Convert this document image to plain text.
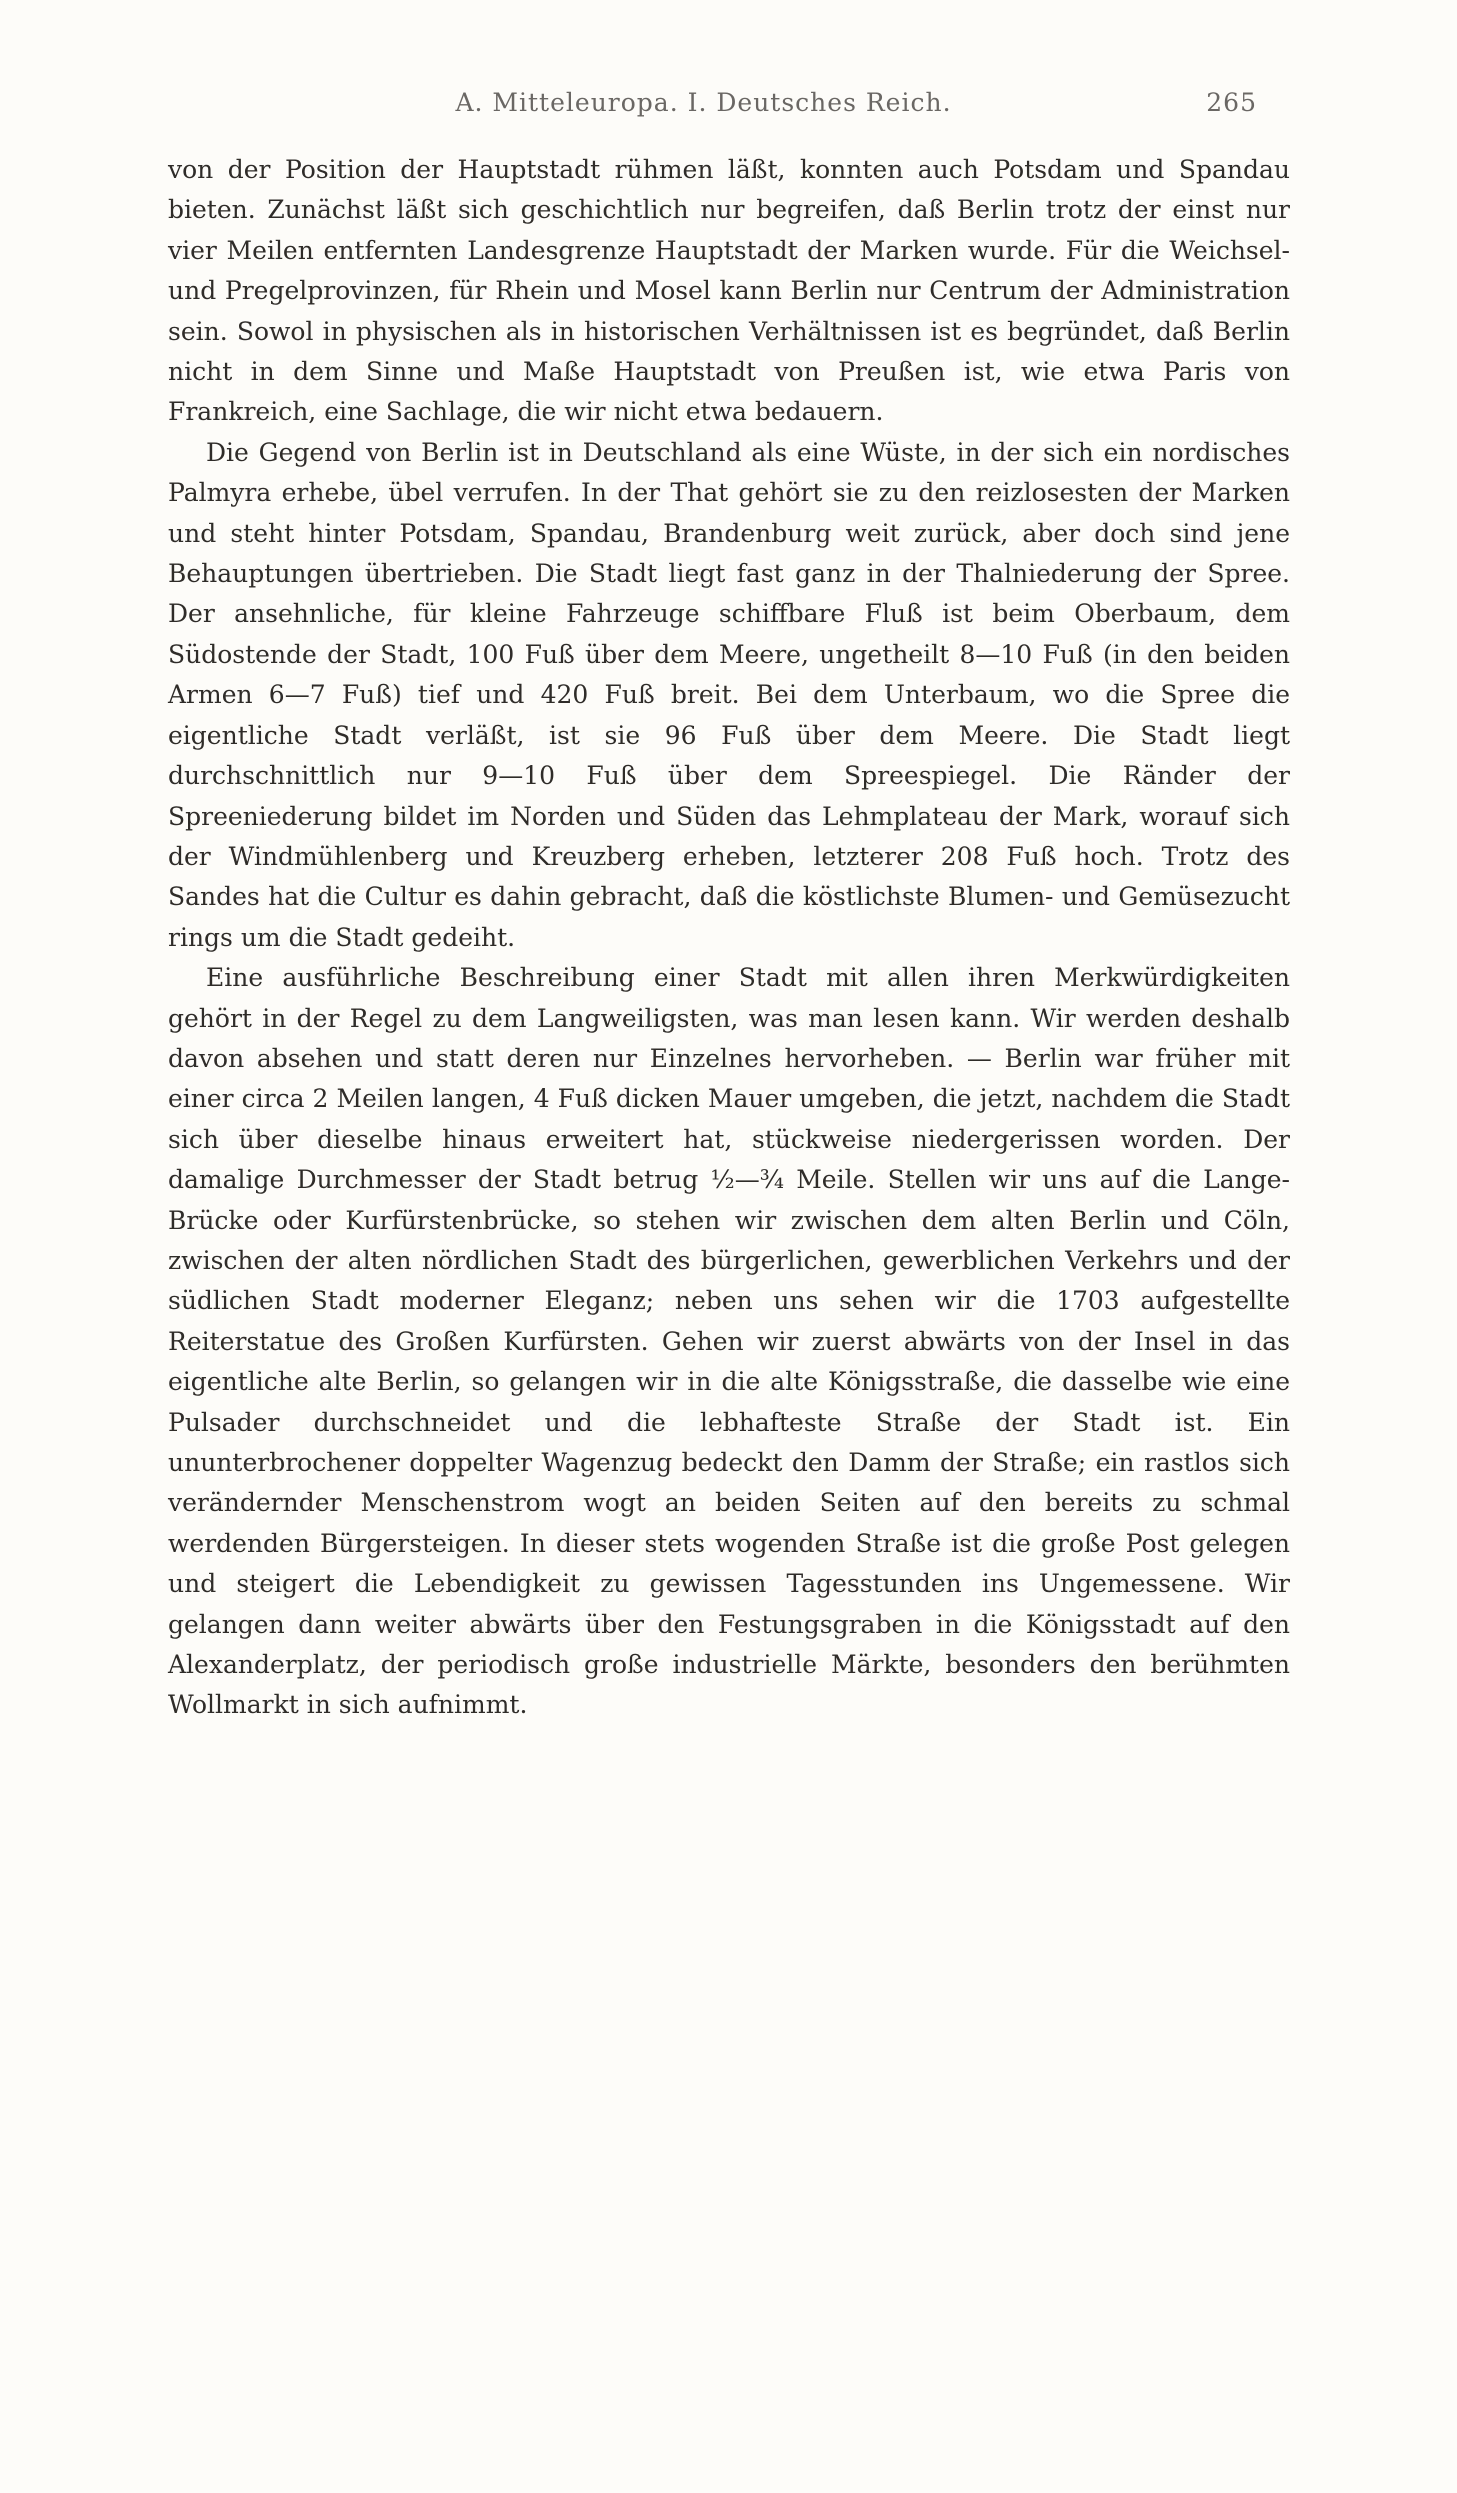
A. Mitteleuropa. I. Deutsches Reich.	265

von der Position der Hauptstadt rühmen läßt, konnten auch Potsdam und Spandau bieten. Zunächst läßt sich geschichtlich nur begreifen, daß Berlin trotz der einst nur vier Meilen entfernten Landesgrenze Hauptstadt der Marken wurde. Für die Weichsel- und Pregelprovinzen, für Rhein und Mosel kann Berlin nur Centrum der Administration sein. Sowol in physischen als in historischen Verhältnissen ist es begründet, daß Berlin nicht in dem Sinne und Maße Hauptstadt von Preußen ist, wie etwa Paris von Frankreich, eine Sachlage, die wir nicht etwa bedauern.

Die Gegend von Berlin ist in Deutschland als eine Wüste, in der sich ein nordisches Palmyra erhebe, übel verrufen. In der That gehört sie zu den reizlosesten der Marken und steht hinter Potsdam, Spandau, Brandenburg weit zurück, aber doch sind jene Behauptungen übertrieben. Die Stadt liegt fast ganz in der Thalniederung der Spree. Der ansehnliche, für kleine Fahrzeuge schiffbare Fluß ist beim Oberbaum, dem Südostende der Stadt, 100 Fuß über dem Meere, ungetheilt 8—10 Fuß (in den beiden Armen 6—7 Fuß) tief und 420 Fuß breit. Bei dem Unterbaum, wo die Spree die eigentliche Stadt verläßt, ist sie 96 Fuß über dem Meere. Die Stadt liegt durchschnittlich nur 9—10 Fuß über dem Spreespiegel. Die Ränder der Spreeniederung bildet im Norden und Süden das Lehmplateau der Mark, worauf sich der Windmühlenberg und Kreuzberg erheben, letzterer 208 Fuß hoch. Trotz des Sandes hat die Cultur es dahin gebracht, daß die köstlichste Blumen- und Gemüsezucht rings um die Stadt gedeiht.

Eine ausführliche Beschreibung einer Stadt mit allen ihren Merkwürdigkeiten gehört in der Regel zu dem Langweiligsten, was man lesen kann. Wir werden deshalb davon absehen und statt deren nur Einzelnes hervorheben. — Berlin war früher mit einer circa 2 Meilen langen, 4 Fuß dicken Mauer umgeben, die jetzt, nachdem die Stadt sich über dieselbe hinaus erweitert hat, stückweise niedergerissen worden. Der damalige Durchmesser der Stadt betrug ½—¾ Meile. Stellen wir uns auf die Lange-Brücke oder Kurfürstenbrücke, so stehen wir zwischen dem alten Berlin und Cöln, zwischen der alten nördlichen Stadt des bürgerlichen, gewerblichen Verkehrs und der südlichen Stadt moderner Eleganz; neben uns sehen wir die 1703 aufgestellte Reiterstatue des Großen Kurfürsten. Gehen wir zuerst abwärts von der Insel in das eigentliche alte Berlin, so gelangen wir in die alte Königsstraße, die dasselbe wie eine Pulsader durchschneidet und die lebhafteste Straße der Stadt ist. Ein ununterbrochener doppelter Wagenzug bedeckt den Damm der Straße; ein rastlos sich verändernder Menschenstrom wogt an beiden Seiten auf den bereits zu schmal werdenden Bürgersteigen. In dieser stets wogenden Straße ist die große Post gelegen und steigert die Lebendigkeit zu gewissen Tagesstunden ins Ungemessene. Wir gelangen dann weiter abwärts über den Festungsgraben in die Königsstadt auf den Alexanderplatz, der periodisch große industrielle Märkte, besonders den berühmten Wollmarkt in sich aufnimmt.
